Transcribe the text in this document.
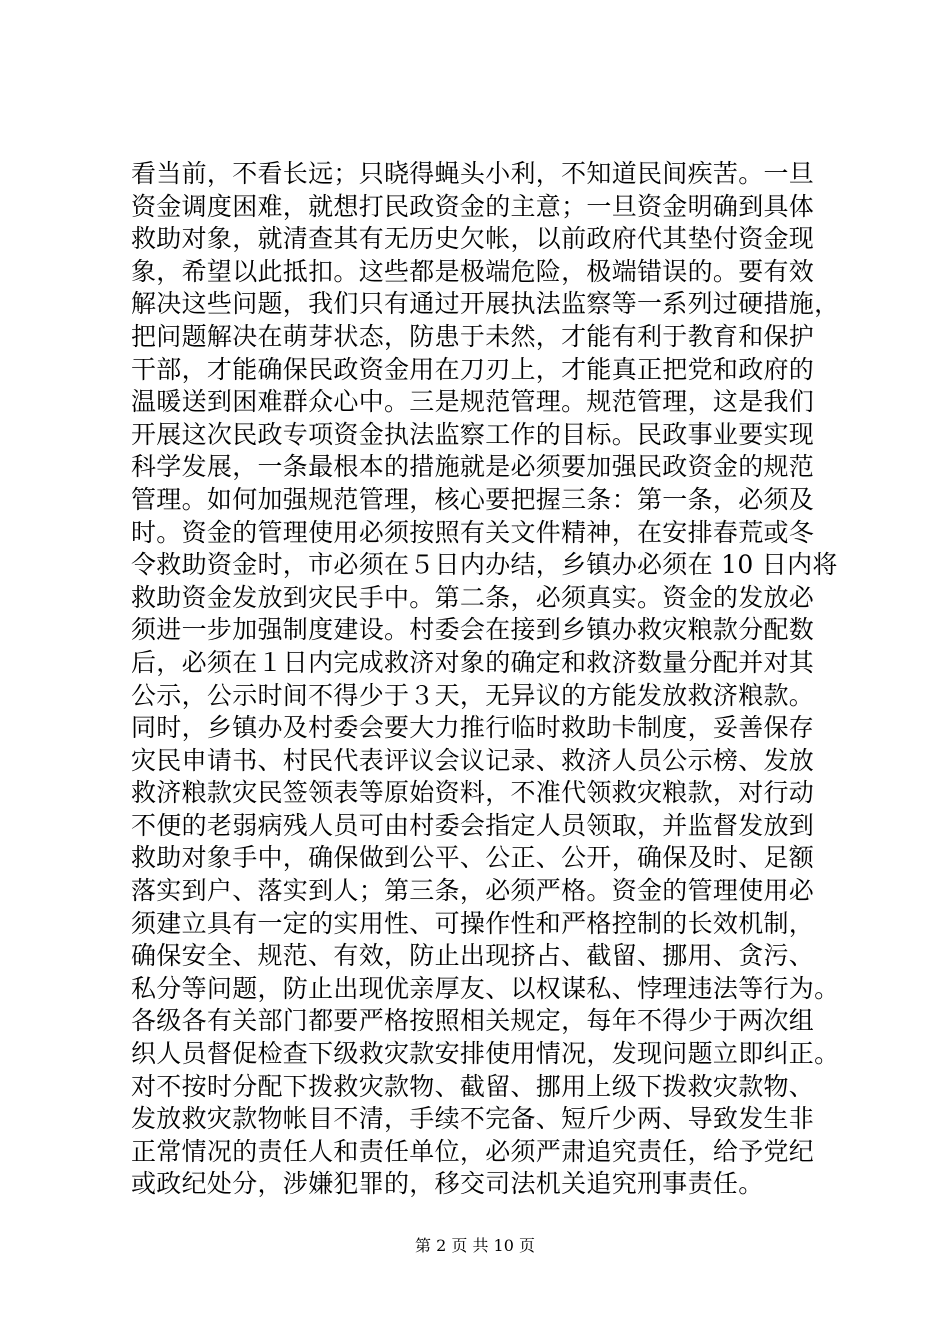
看当前，不看长远；只晓得蝇头小利，不知道民间疾苦。一旦
资金调度困难，就想打民政资金的主意；一旦资金明确到具体
救助对象，就清查其有无历史欠帐，以前政府代其垫付资金现
象，希望以此抵扣。这些都是极端危险，极端错误的。要有效
解决这些问题，我们只有通过开展执法监察等一系列过硬措施，
把问题解决在萌芽状态，防患于未然，才能有利于教育和保护
干部，才能确保民政资金用在刀刃上，才能真正把党和政府的
温暖送到困难群众心中。三是规范管理。规范管理，这是我们
开展这次民政专项资金执法监察工作的目标。民政事业要实现
科学发展，一条最根本的措施就是必须要加强民政资金的规范
管理。如何加强规范管理，核心要把握三条：第一条，必须及
时。资金的管理使用必须按照有关文件精神，在安排春荒或冬
令救助资金时，市必须在５日内办结，乡镇办必须在 10 日内将
救助资金发放到灾民手中。第二条，必须真实。资金的发放必
须进一步加强制度建设。村委会在接到乡镇办救灾粮款分配数
后，必须在１日内完成救济对象的确定和救济数量分配并对其
公示，公示时间不得少于３天，无异议的方能发放救济粮款。
同时，乡镇办及村委会要大力推行临时救助卡制度，妥善保存
灾民申请书、村民代表评议会议记录、救济人员公示榜、发放
救济粮款灾民签领表等原始资料，不准代领救灾粮款，对行动
不便的老弱病残人员可由村委会指定人员领取，并监督发放到
救助对象手中，确保做到公平、公正、公开，确保及时、足额
落实到户、落实到人；第三条，必须严格。资金的管理使用必
须建立具有一定的实用性、可操作性和严格控制的长效机制，
确保安全、规范、有效，防止出现挤占、截留、挪用、贪污、
私分等问题，防止出现优亲厚友、以权谋私、悖理违法等行为。
各级各有关部门都要严格按照相关规定，每年不得少于两次组
织人员督促检查下级救灾款安排使用情况，发现问题立即纠正。
对不按时分配下拨救灾款物、截留、挪用上级下拨救灾款物、
发放救灾款物帐目不清，手续不完备、短斤少两、导致发生非
正常情况的责任人和责任单位，必须严肃追究责任，给予党纪
或政纪处分，涉嫌犯罪的，移交司法机关追究刑事责任。
第 2 页 共 10 页
